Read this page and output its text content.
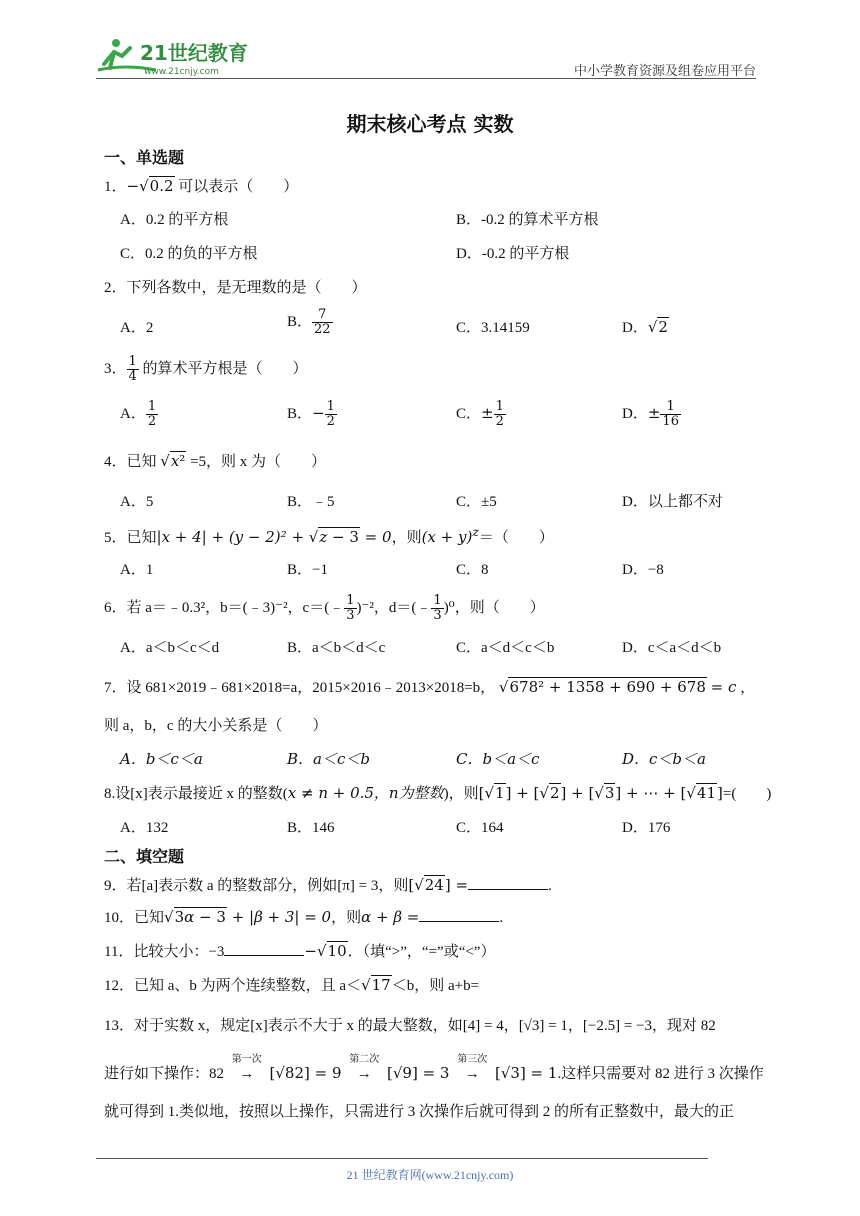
21世纪教育
www.21cnjy.com	中小学教育资源及组卷应用平台
期末核心考点 实数
一、单选题
1．−√0.2 可以表示（　　）
A．0.2 的平方根	B．-0.2 的算术平方根
C．0.2 的负的平方根	D．-0.2 的平方根
2．下列各数中，是无理数的是（　　）
A．2	B． $\frac{7}{22}$	C．3.14159	D．√2
3． $\frac{1}{4}$ 的算术平方根是（　　）
A． $\frac{1}{2}$	B．− $\frac{1}{2}$	C．± $\frac{1}{2}$	D．± $\frac{1}{16}$
4．已知 √x² =5，则 x 为（　　）
A．5	B．﹣5	C．±5	D．以上都不对
5．已知|x + 4| + (y − 2)² + √z − 3 = 0，则$(x + y)^z=$（　　）
A．1	B．−1	C．8	D．−8
6．若 a＝﹣0.3²，b＝(﹣3)⁻²，c＝(﹣ $\frac{1}{3} )^{-2}$，d＝(﹣ $\frac{1}{3} )^0$，则（　　）
A．a＜b＜c＜d	B．a＜b＜d＜c	C．a＜d＜c＜b	D．c＜a＜d＜b
7．设 681×2019﹣681×2018=a，2015×2016﹣2013×2018=b， √678² + 1358 + 690 + 678 = c ，
则 a，b，c 的大小关系是（　　）
A．b＜c＜a	B．a＜c＜b	C．b＜a＜c	D．c＜b＜a
8.设[x]表示最接近 x 的整数(x ≠ n + 0.5，n为整数)，则[√1] + [√2] + [√3] + ⋯ + [√41]=(　　)
A．132	B．146	C．164	D．176
二、填空题
9．若[a]表示数 a 的整数部分，例如[π] = 3，则[√24] =	.
10．已知√3α − 3 + |β + 3| = 0，则α + β =	.
11．比较大小：−3	−√10．（填“>”，“=”或“<”）
12．已知 a、b 为两个连续整数，且 a＜√17＜b，则 a+b=
13．对于实数 x，规定[x]表示不大于 x 的最大整数，如[4] = 4，[√3] = 1，[−2.5] = −3，现对 82
进行如下操作：82
第一次
→ [√82] = 9
第二次
→ [√9] = 3
第三次
→ [√3] = 1.这样只需要对 82 进行 3 次操作
就可得到 1.类似地，按照以上操作，只需进行 3 次操作后就可得到 2 的所有正整数中，最大的正
21 世纪教育网(www.21cnjy.com)
